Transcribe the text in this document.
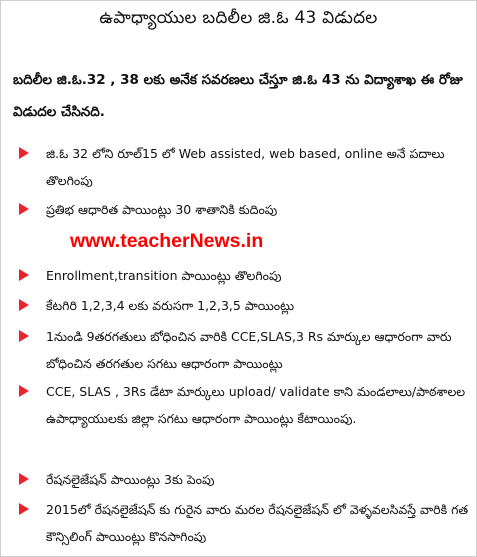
ఉపాధ్యాయుల బదిలీల జి.ఓ 43 విడుదల
బదిలీల జి.ఓ.32 , 38 లకు అనేక సవరణలు చేస్తూ జి.ఓ 43 ను విద్యాశాఖ ఈ రోజు విడుదల చేసినది.
జి.ఓ 32 లోని రూల్15 లో Web assisted, web based, online అనే పదాలు తొలగింపు
ప్రతిభ ఆధారిత పాయింట్లు 30 శాతానికి కుదింపు
www.teacherNews.in
Enrollment,transition పాయింట్లు తొలగింపు
కేటగిరి 1,2,3,4 లకు వరుసగా 1,2,3,5 పాయింట్లు
1నుండి 9తరగతులు బోధించిన వారికి CCE,SLAS,3 Rs మార్కుల ఆధారంగా వారు బోధించిన తరగతుల సగటు ఆధారంగా పాయింట్లు
CCE, SLAS , 3Rs డేటా మార్కులు upload/ validate కాని మండలాలు/పాఠశాలల ఉపాధ్యాయులకు జిల్లా సగటు ఆధారంగా పాయింట్లు కేటాయింపు.
రేషనలైజేషన్ పాయింట్లు 3కు పెంపు
2015లో రేషనలైజేషన్ కు గురైన వారు మరల రేషనలైజేషన్ లో వెళ్ళవలసివస్తే వారికి గత కౌన్సిలింగ్ పాయింట్లు కొనసాగింపు
